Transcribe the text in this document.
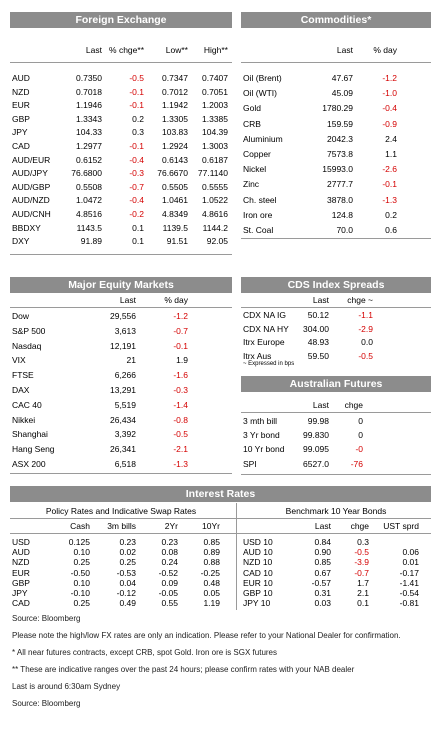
Foreign Exchange
Last % chge**	Low**	High**
AUD	0.7350	-0.5	0.7347	0.7407
NZD	0.7018	-0.1	0.7012	0.7051
EUR	1.1946	-0.1	1.1942	1.2003
GBP	1.3343	0.2	1.3305	1.3385
JPY	104.33	0.3	103.83	104.39
CAD	1.2977	-0.1	1.2924	1.3003
AUD/EUR	0.6152	-0.4	0.6143	0.6187
AUD/JPY	76.6800	-0.3	76.6670	77.1140
AUD/GBP	0.5508	-0.7	0.5505	0.5555
AUD/NZD	1.0472	-0.4	1.0461	1.0522
AUD/CNH	4.8516	-0.2	4.8349	4.8616
BBDXY	1143.5	0.1	1139.5	1144.2
DXY	91.89	0.1	91.51	92.05
Commodities*
Last	% day
Oil (Brent)	47.67	-1.2
Oil (WTI)	45.09	-1.0
Gold	1780.29	-0.4
CRB	159.59	-0.9
Aluminium	2042.3	2.4
Copper	7573.8	1.1
Nickel	15993.0	-2.6
Zinc	2777.7	-0.1
Ch. steel	3878.0	-1.3
Iron ore	124.8	0.2
St. Coal	70.0	0.6
Major Equity Markets
Last	% day
Dow	29,556	-1.2
S&P 500	3,613	-0.7
Nasdaq	12,191	-0.1
VIX	21	1.9
FTSE	6,266	-1.6
DAX	13,291	-0.3
CAC 40	5,519	-1.4
Nikkei	26,434	-0.8
Shanghai	3,392	-0.5
Hang Seng	26,341	-2.1
ASX 200	6,518	-1.3
CDS Index Spreads
Last	chge ~
CDX NA IG	50.12	-1.1
CDX NA HY	304.00	-2.9
Itrx Europe	48.93	0.0
Itrx Aus	59.50	-0.5
~ Expressed in bps
Australian Futures
Last	chge
3 mth bill	99.98	0
3 Yr bond	99.830	0
10 Yr bond	99.095	-0
SPI	6527.0	-76
Interest Rates
Policy Rates and Indicative Swap Rates	Benchmark 10 Year Bonds
Cash	3m bills	2Yr	10Yr	Last	chge	UST sprd
USD	0.125	0.23	0.23	0.85	USD 10	0.84	0.3
AUD	0.10	0.02	0.08	0.89	AUD 10	0.90	-0.5	0.06
NZD	0.25	0.25	0.24	0.88	NZD 10	0.85	-3.9	0.01
EUR	-0.50	-0.53	-0.52	-0.25	CAD 10	0.67	-0.7	-0.17
GBP	0.10	0.04	0.09	0.48	EUR 10	-0.57	1.7	-1.41
JPY	-0.10	-0.12	-0.05	0.05	GBP 10	0.31	2.1	-0.54
CAD	0.25	0.49	0.55	1.19	JPY 10	0.03	0.1	-0.81
Source: Bloomberg
Please note the high/low FX rates are only an indication. Please refer to your National Dealer for confirmation.
* All near futures contracts, except CRB, spot Gold. Iron ore is SGX futures
** These are indicative ranges over the past 24 hours; please confirm rates with your NAB dealer
Last is around 6:30am Sydney
Source: Bloomberg
